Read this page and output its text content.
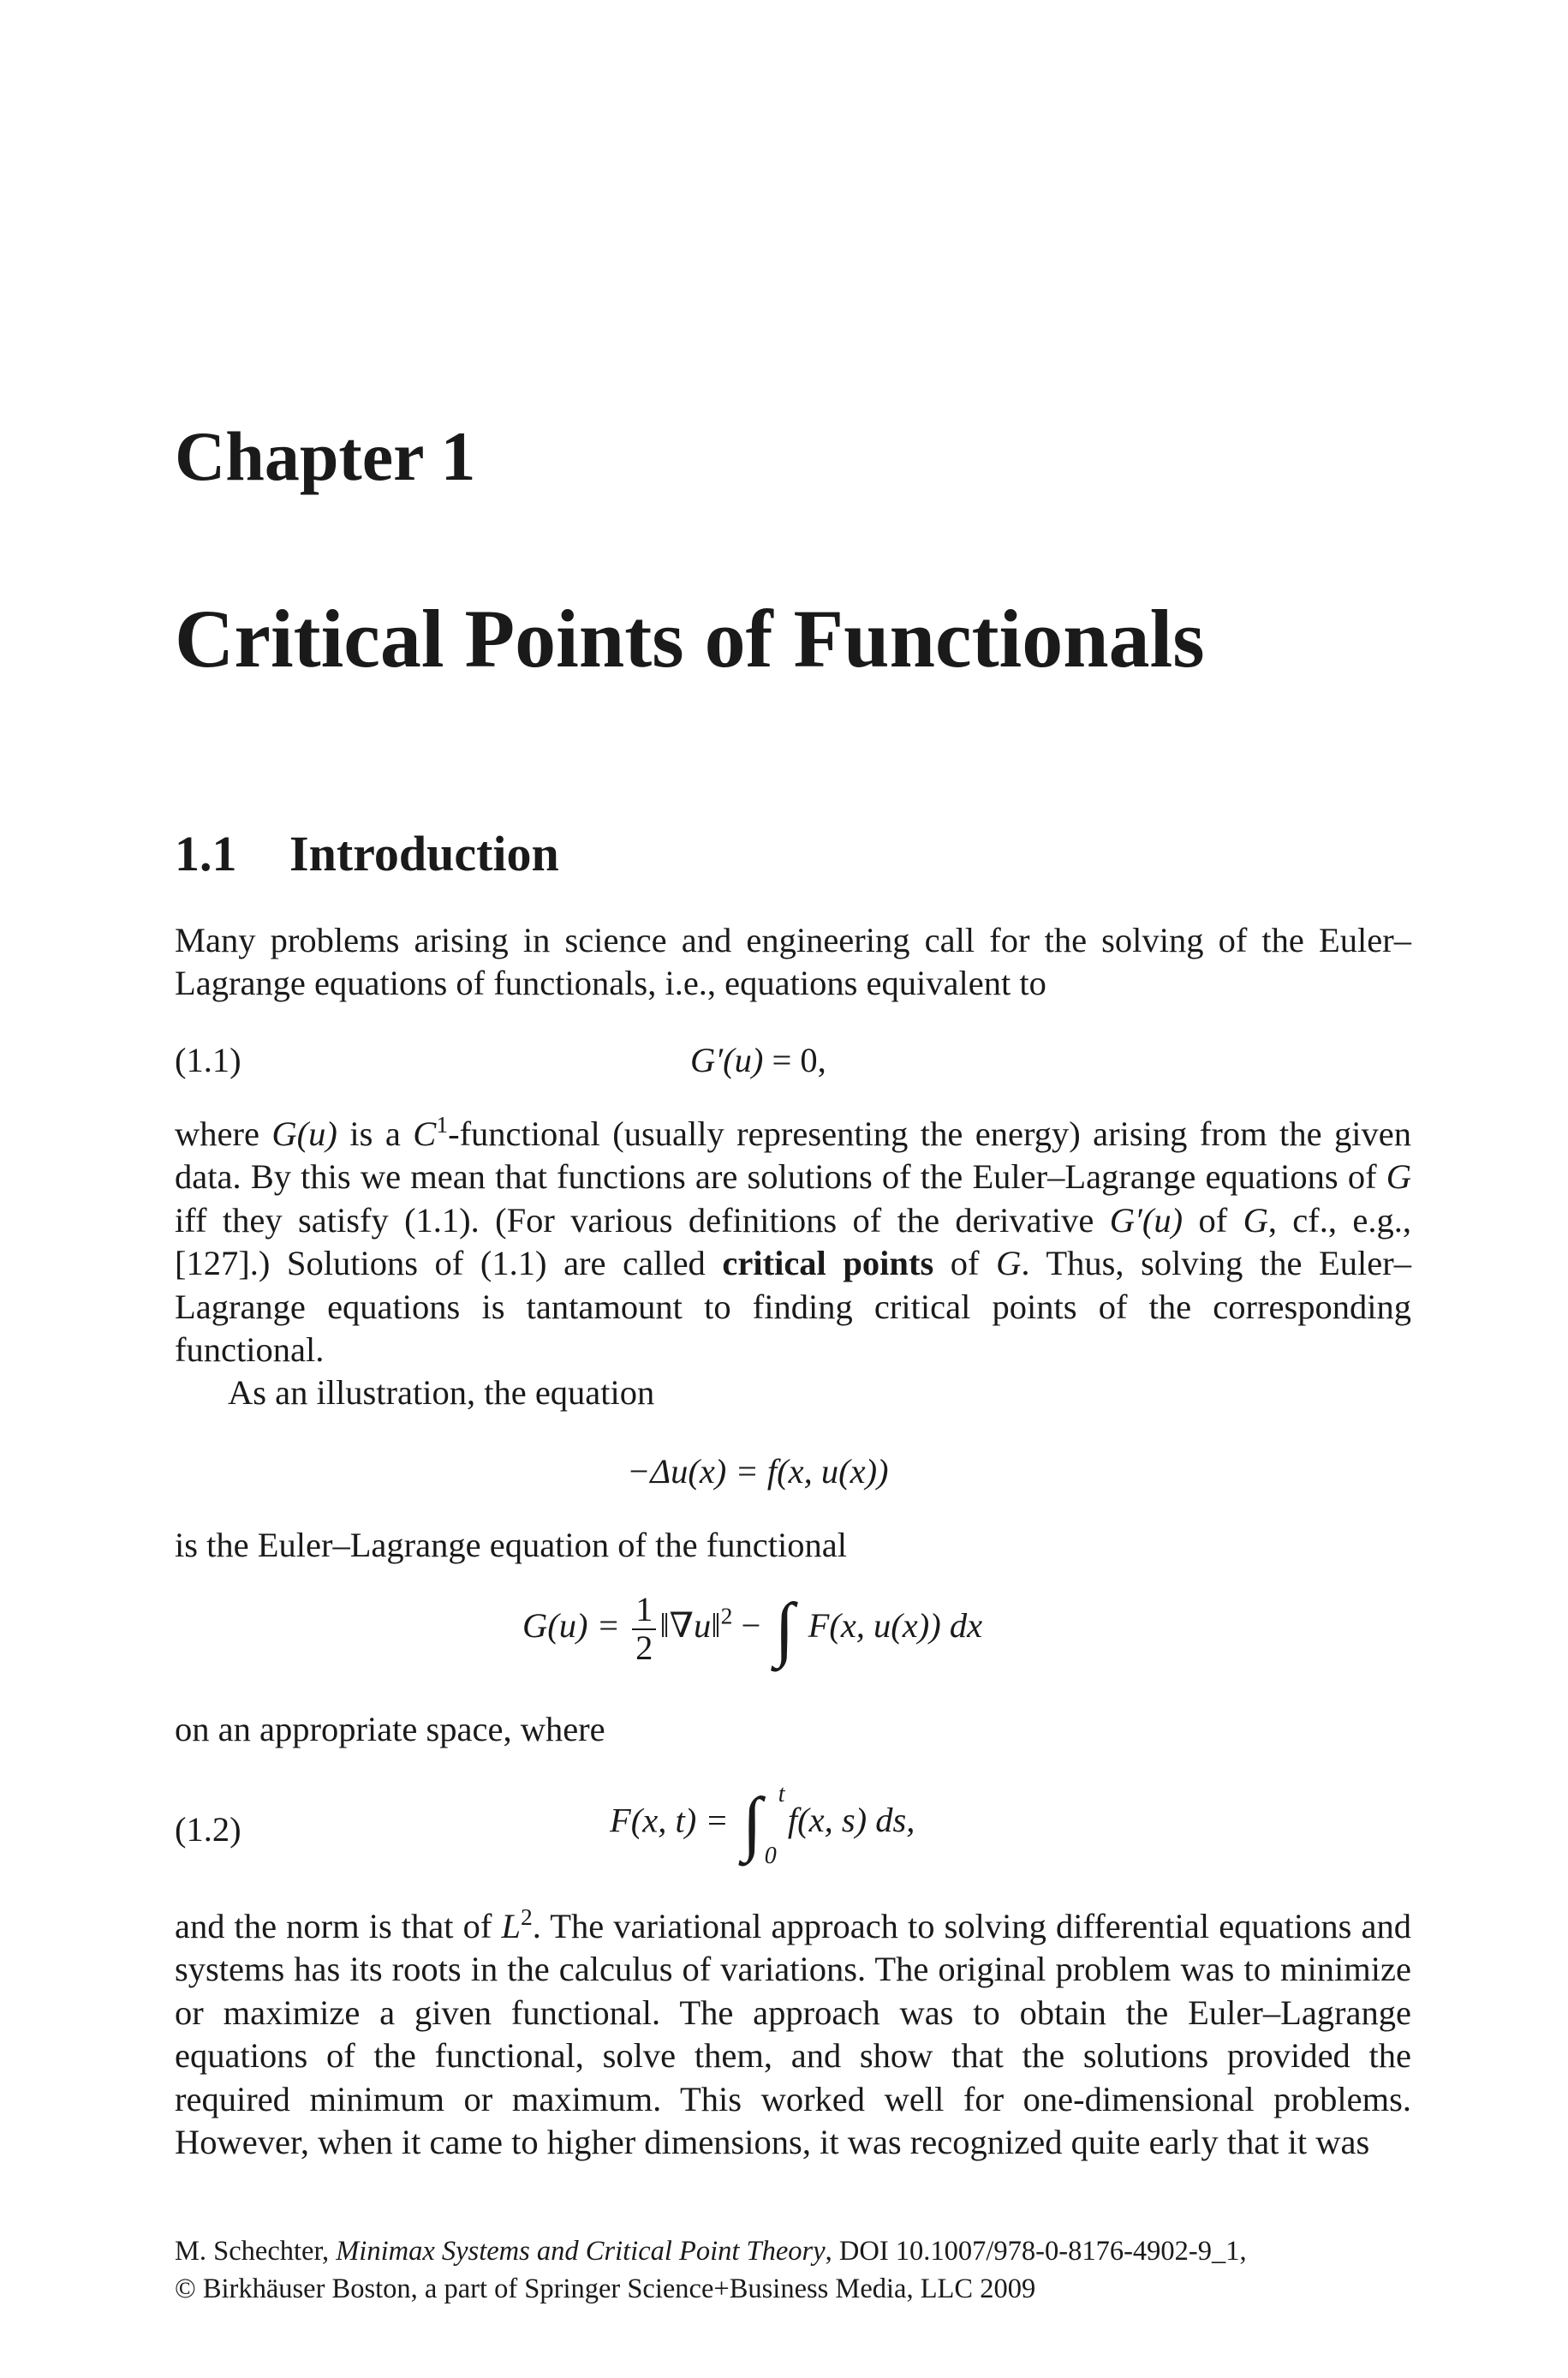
Chapter 1
Critical Points of Functionals
1.1 Introduction

Many problems arising in science and engineering call for the solving of the Euler–Lagrange equations of functionals, i.e., equations equivalent to

(1.1)	G′(u) = 0,

where G(u) is a $C^1$-functional (usually representing the energy) arising from the given data. By this we mean that functions are solutions of the Euler–Lagrange equations of G iff they satisfy (1.1). (For various definitions of the derivative G′(u) of G, cf., e.g., [127].) Solutions of (1.1) are called critical points of G. Thus, solving the Euler–Lagrange equations is tantamount to finding critical points of the corresponding functional.

As an illustration, the equation

−Δu(x) = f(x, u(x))

is the Euler–Lagrange equation of the functional

$G(u) = \frac{1}{2}$ ‖∇u‖$^2$ − ∫ F(x, u(x)) dx

on an appropriate space, where

(1.2)	F(x, t) = ∫ t
0
f(x, s) ds,

and the norm is that of $L^2$. The variational approach to solving differential equations and systems has its roots in the calculus of variations. The original problem was to minimize or maximize a given functional. The approach was to obtain the Euler–Lagrange equations of the functional, solve them, and show that the solutions provided the required minimum or maximum. This worked well for one-dimensional problems. However, when it came to higher dimensions, it was recognized quite early that it was

M. Schechter, Minimax Systems and Critical Point Theory, DOI 10.1007/978-0-8176-4902-9_1,
© Birkhäuser Boston, a part of Springer Science+Business Media, LLC 2009
